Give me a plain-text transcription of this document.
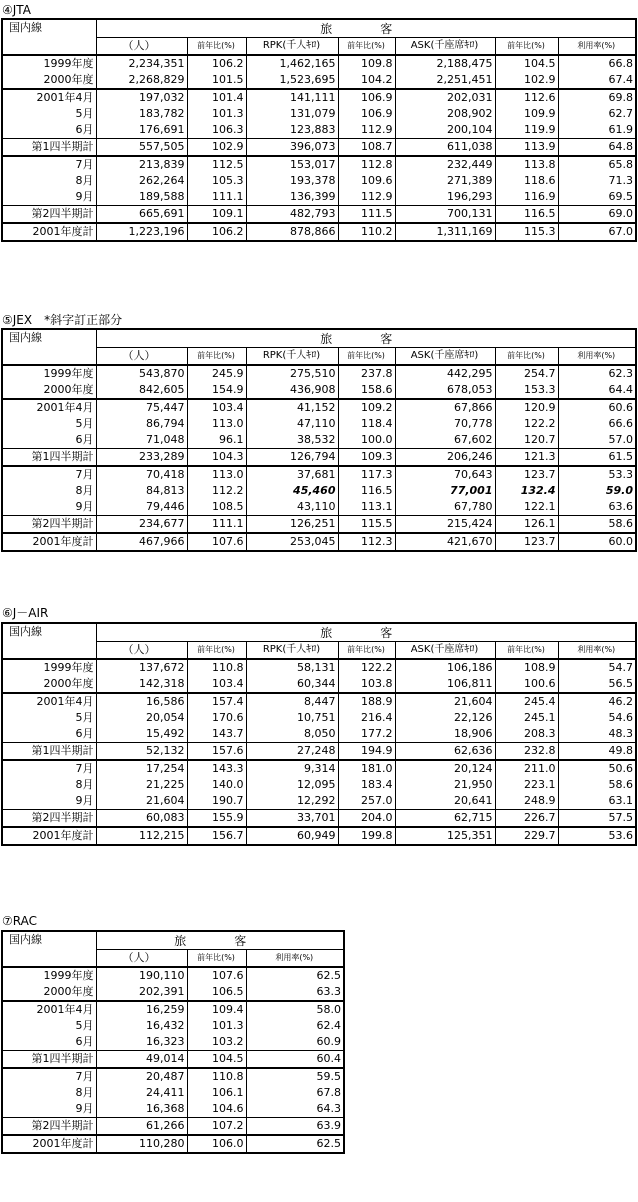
④JTA
国内線	旅　客						
	（人）	前年比(%)	RPK(千人ｷﾛ)	前年比(%)	ASK(千座席ｷﾛ)	前年比(%)	利用率(%)
1999年度	2,234,351	106.2	1,462,165	109.8	2,188,475	104.5	66.8
2000年度	2,268,829	101.5	1,523,695	104.2	2,251,451	102.9	67.4
2001年4月	197,032	101.4	141,111	106.9	202,031	112.6	69.8
5月	183,782	101.3	131,079	106.9	208,902	109.9	62.7
6月	176,691	106.3	123,883	112.9	200,104	119.9	61.9
第1四半期計	557,505	102.9	396,073	108.7	611,038	113.9	64.8
7月	213,839	112.5	153,017	112.8	232,449	113.8	65.8
8月	262,264	105.3	193,378	109.6	271,389	118.6	71.3
9月	189,588	111.1	136,399	112.9	196,293	116.9	69.5
第2四半期計	665,691	109.1	482,793	111.5	700,131	116.5	69.0
2001年度計	1,223,196	106.2	878,866	110.2	1,311,169	115.3	67.0
⑤JEX　*斜字訂正部分
国内線	旅　客						
	（人）	前年比(%)	RPK(千人ｷﾛ)	前年比(%)	ASK(千座席ｷﾛ)	前年比(%)	利用率(%)
1999年度	543,870	245.9	275,510	237.8	442,295	254.7	62.3
2000年度	842,605	154.9	436,908	158.6	678,053	153.3	64.4
2001年4月	75,447	103.4	41,152	109.2	67,866	120.9	60.6
5月	86,794	113.0	47,110	118.4	70,778	122.2	66.6
6月	71,048	96.1	38,532	100.0	67,602	120.7	57.0
第1四半期計	233,289	104.3	126,794	109.3	206,246	121.3	61.5
7月	70,418	113.0	37,681	117.3	70,643	123.7	53.3
8月	84,813	112.2	45,460	116.5	77,001	132.4	59.0
9月	79,446	108.5	43,110	113.1	67,780	122.1	63.6
第2四半期計	234,677	111.1	126,251	115.5	215,424	126.1	58.6
2001年度計	467,966	107.6	253,045	112.3	421,670	123.7	60.0
⑥J－AIR
国内線	旅　客						
	（人）	前年比(%)	RPK(千人ｷﾛ)	前年比(%)	ASK(千座席ｷﾛ)	前年比(%)	利用率(%)
1999年度	137,672	110.8	58,131	122.2	106,186	108.9	54.7
2000年度	142,318	103.4	60,344	103.8	106,811	100.6	56.5
2001年4月	16,586	157.4	8,447	188.9	21,604	245.4	46.2
5月	20,054	170.6	10,751	216.4	22,126	245.1	54.6
6月	15,492	143.7	8,050	177.2	18,906	208.3	48.3
第1四半期計	52,132	157.6	27,248	194.9	62,636	232.8	49.8
7月	17,254	143.3	9,314	181.0	20,124	211.0	50.6
8月	21,225	140.0	12,095	183.4	21,950	223.1	58.6
9月	21,604	190.7	12,292	257.0	20,641	248.9	63.1
第2四半期計	60,083	155.9	33,701	204.0	62,715	226.7	57.5
2001年度計	112,215	156.7	60,949	199.8	125,351	229.7	53.6
⑦RAC
国内線	旅　客		
	（人）	前年比(%)	利用率(%)
1999年度	190,110	107.6	62.5
2000年度	202,391	106.5	63.3
2001年4月	16,259	109.4	58.0
5月	16,432	101.3	62.4
6月	16,323	103.2	60.9
第1四半期計	49,014	104.5	60.4
7月	20,487	110.8	59.5
8月	24,411	106.1	67.8
9月	16,368	104.6	64.3
第2四半期計	61,266	107.2	63.9
2001年度計	110,280	106.0	62.5
